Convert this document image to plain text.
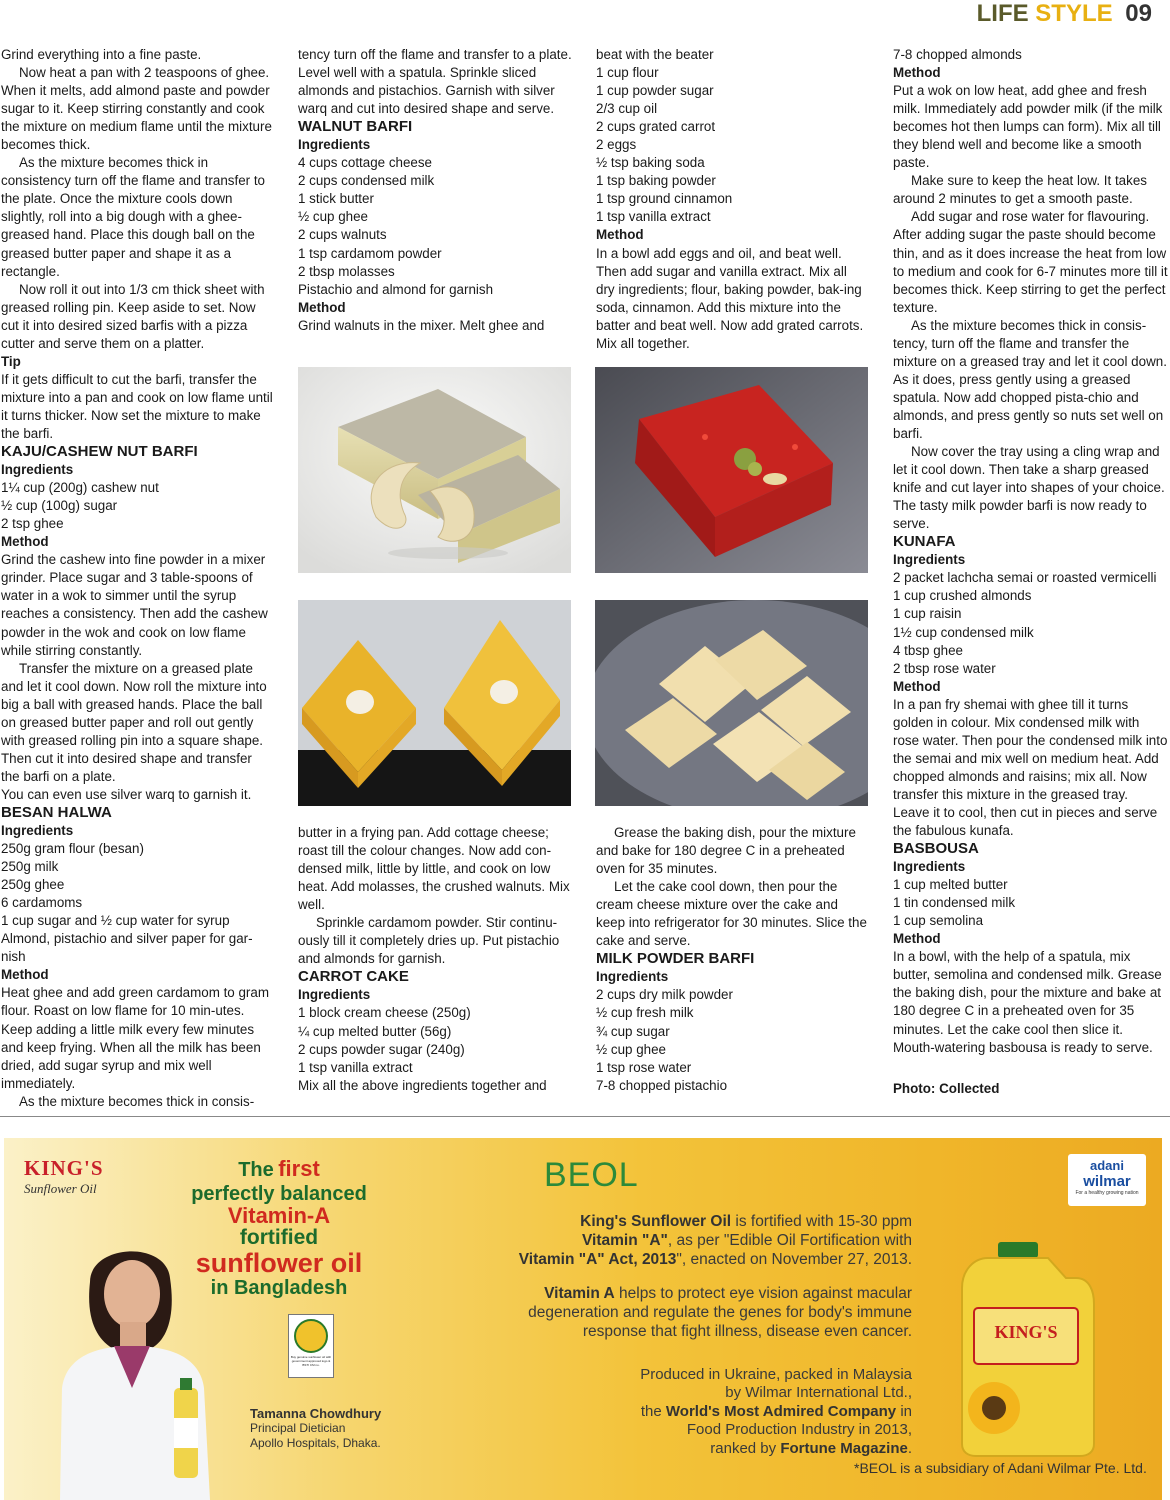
LIFE STYLE 09

Grind everything into a fine paste.

Now heat a pan with 2 teaspoons of ghee. When it melts, add almond paste and powder sugar to it. Keep stirring constantly and cook the mixture on medium flame until the mixture becomes thick.

As the mixture becomes thick in consistency turn off the flame and transfer to the plate. Once the mixture cools down slightly, roll into a big dough with a ghee-greased hand. Place this dough ball on the greased butter paper and shape it as a rectangle.

Now roll it out into 1/3 cm thick sheet with greased rolling pin. Keep aside to set. Now cut it into desired sized barfis with a pizza cutter and serve them on a platter.

Tip

If it gets difficult to cut the barfi, transfer the mixture into a pan and cook on low flame until it turns thicker. Now set the mixture to make the barfi.

KAJU/CASHEW NUT BARFI
Ingredients

1¼ cup (200g) cashew nut

½ cup (100g) sugar

2 tsp ghee

Method

Grind the cashew into fine powder in a mixer grinder. Place sugar and 3 table-spoons of water in a wok to simmer until the syrup reaches a consistency. Then add the cashew powder in the wok and cook on low flame while stirring constantly.

Transfer the mixture on a greased plate and let it cool down. Now roll the mixture into big a ball with greased hands. Place the ball on greased butter paper and roll out gently with greased rolling pin into a square shape. Then cut it into desired shape and transfer the barfi on a plate.

You can even use silver warq to garnish it.

BESAN HALWA
Ingredients

250g gram flour (besan)

250g milk

250g ghee

6 cardamoms

1 cup sugar and ½ cup water for syrup

Almond, pistachio and silver paper for gar-nish

Method

Heat ghee and add green cardamom to gram flour. Roast on low flame for 10 min-utes. Keep adding a little milk every few minutes and keep frying. When all the milk has been dried, add sugar syrup and mix well immediately.

As the mixture becomes thick in consis-

tency turn off the flame and transfer to a plate. Level well with a spatula. Sprinkle sliced almonds and pistachios. Garnish with silver warq and cut into desired shape and serve.

WALNUT BARFI
Ingredients

4 cups cottage cheese

2 cups condensed milk

1 stick butter

½ cup ghee

2 cups walnuts

1 tsp cardamom powder

2 tbsp molasses

Pistachio and almond for garnish

Method

Grind walnuts in the mixer. Melt ghee and

beat with the beater

1 cup flour

1 cup powder sugar

2/3 cup oil

2 cups grated carrot

2 eggs

½ tsp baking soda

1 tsp baking powder

1 tsp ground cinnamon

1 tsp vanilla extract

Method

In a bowl add eggs and oil, and beat well. Then add sugar and vanilla extract. Mix all dry ingredients; flour, baking powder, bak-ing soda, cinnamon. Add this mixture into the batter and beat well. Now add grated carrots. Mix all together.

7-8 chopped almonds

Method

Put a wok on low heat, add ghee and fresh milk. Immediately add powder milk (if the milk becomes hot then lumps can form). Mix all till they blend well and become like a smooth paste.

Make sure to keep the heat low. It takes around 2 minutes to get a smooth paste.

Add sugar and rose water for flavouring. After adding sugar the paste should become thin, and as it does increase the heat from low to medium and cook for 6-7 minutes more till it becomes thick. Keep stirring to get the perfect texture.

As the mixture becomes thick in consis-tency, turn off the flame and transfer the mixture on a greased tray and let it cool down. As it does, press gently using a greased spatula. Now add chopped pista-chio and almonds, and press gently so nuts set well on barfi.

Now cover the tray using a cling wrap and let it cool down. Then take a sharp greased knife and cut layer into shapes of your choice. The tasty milk powder barfi is now ready to serve.

KUNAFA
Ingredients

2 packet lachcha semai or roasted vermicelli

1 cup crushed almonds

1 cup raisin

1½ cup condensed milk

4 tbsp ghee

2 tbsp rose water

Method

In a pan fry shemai with ghee till it turns golden in colour. Mix condensed milk with rose water. Then pour the condensed milk into the semai and mix well on medium heat. Add chopped almonds and raisins; mix all. Now transfer this mixture in the greased tray. Leave it to cool, then cut in pieces and serve the fabulous kunafa.

BASBOUSA
Ingredients

1 cup melted butter

1 tin condensed milk

1 cup semolina

Method

In a bowl, with the help of a spatula, mix butter, semolina and condensed milk. Grease the baking dish, pour the mixture and bake at 180 degree C in a preheated oven for 35 minutes. Let the cake cool then slice it. Mouth-watering basbousa is ready to serve.

butter in a frying pan. Add cottage cheese; roast till the colour changes. Now add con-densed milk, little by little, and cook on low heat. Add molasses, the crushed walnuts. Mix well.

Sprinkle cardamom powder. Stir continu-ously till it completely dries up. Put pistachio and almonds for garnish.

CARROT CAKE
Ingredients

1 block cream cheese (250g)

¼ cup melted butter (56g)

2 cups powder sugar (240g)

1 tsp vanilla extract

Mix all the above ingredients together and

Grease the baking dish, pour the mixture and bake for 180 degree C in a preheated oven for 35 minutes.

Let the cake cool down, then pour the cream cheese mixture over the cake and keep into refrigerator for 30 minutes. Slice the cake and serve.

MILK POWDER BARFI
Ingredients

2 cups dry milk powder

½ cup fresh milk

¾ cup sugar

½ cup ghee

1 tsp rose water

7-8 chopped pistachio	Photo: Collected
KING'S
Sunflower Oil
The first
perfectly balanced
Vitamin-A
fortified
sunflower oil
in Bangladesh
Tamanna Chowdhury
Principal Dietician
Apollo Hospitals, Dhaka.
Buy genuine sunflower oil with government approved logo & BSTI CM no.
BEOL	adani
wilmar
For a healthy growing nation
King's Sunflower Oil is fortified with 15-30 ppm
Vitamin "A", as per "Edible Oil Fortification with
Vitamin "A" Act, 2013", enacted on November 27, 2013.
Vitamin A helps to protect eye vision against macular
degeneration and regulate the genes for body's immune
response that fight illness, disease even cancer.
Produced in Ukraine, packed in Malaysia
by Wilmar International Ltd.,
the World's Most Admired Company in
Food Production Industry in 2013,
ranked by Fortune Magazine.
KING'S
*BEOL is a subsidiary of Adani Wilmar Pte. Ltd.
